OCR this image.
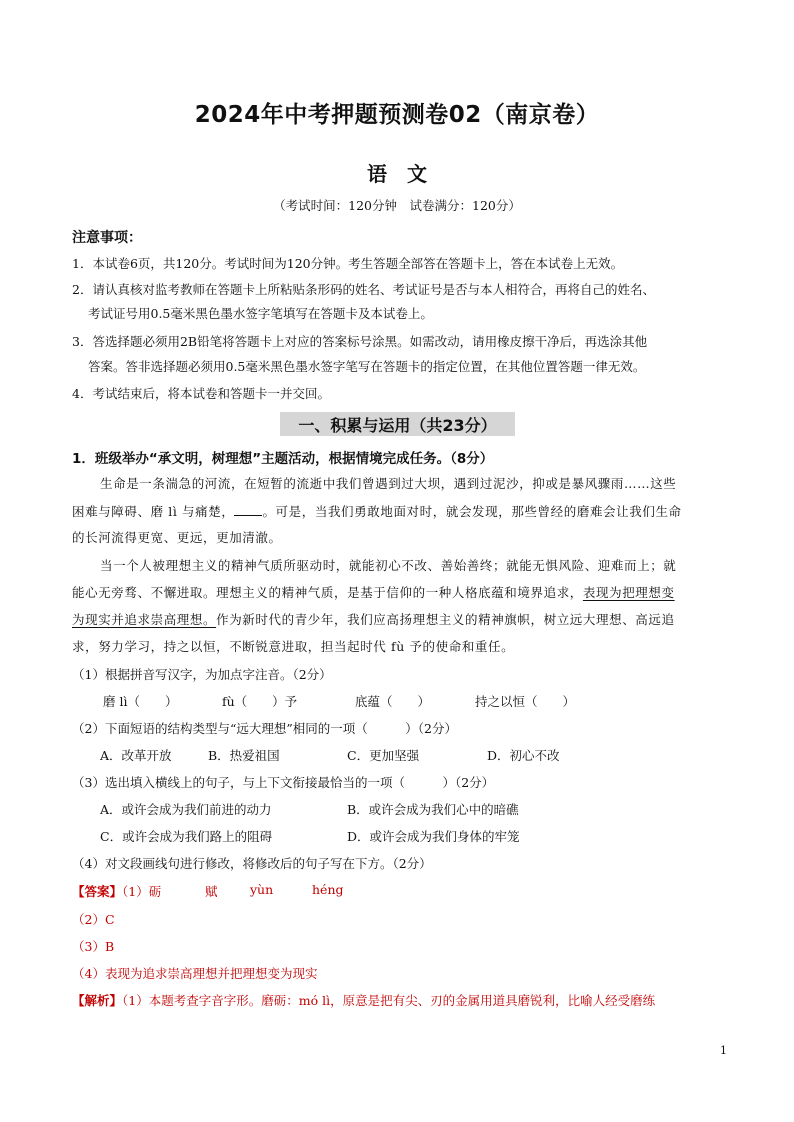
2024年中考押题预测卷02（南京卷）
语　文
（考试时间：120分钟　试卷满分：120分）
注意事项：
1．本试卷6页，共120分。考试时间为120分钟。考生答题全部答在答题卡上，答在本试卷上无效。
2．请认真核对监考教师在答题卡上所粘贴条形码的姓名、考试证号是否与本人相符合，再将自己的姓名、
考试证号用0.5毫米黑色墨水签字笔填写在答题卡及本试卷上。
3．答选择题必须用2B铅笔将答题卡上对应的答案标号涂黑。如需改动，请用橡皮擦干净后，再选涂其他
答案。答非选择题必须用0.5毫米黑色墨水签字笔写在答题卡的指定位置，在其他位置答题一律无效。
4．考试结束后，将本试卷和答题卡一并交回。
一、积累与运用（共23分）
1．班级举办“承文明，树理想”主题活动，根据情境完成任务。（8分）
生命是一条湍急的河流，在短暂的流逝中我们曾遇到过大坝，遇到过泥沙，抑或是暴风骤雨……这些
困难与障碍、磨 lì 与痛楚， 。可是，当我们勇敢地面对时，就会发现，那些曾经的磨难会让我们生命
的长河流得更宽、更远，更加清澈。
当一个人被理想主义的精神气质所驱动时，就能初心不改、善始善终；就能无惧风险、迎难而上；就
能心无旁骛、不懈进取。理想主义的精神气质，是基于信仰的一种人格底蕴和境界追求，表现为把理想变
为现实并追求崇高理想。作为新时代的青少年，我们应高扬理想主义的精神旗帜，树立远大理想、高远追
求，努力学习，持之以恒，不断锐意进取，担当起时代 fù 予的使命和重任。
（1）根据拼音写汉字，为加点字注音。（2分）
磨 lì（　　）	fù（　　）予	底蕴（　　）	持之以恒（　　）
（2）下面短语的结构类型与“远大理想”相同的一项（　　　）（2分）
A．改革开放	B．热爱祖国	C．更加坚强	D．初心不改
（3）选出填入横线上的句子，与上下文衔接最恰当的一项（　　　）（2分）
A．或许会成为我们前进的动力	B．或许会成为我们心中的暗礁
C．或许会成为我们路上的阻碍	D．或许会成为我们身体的牢笼
（4）对文段画线句进行修改，将修改后的句子写在下方。（2分）
【答案】（1）砺	赋	yùn	héng
（2）C
（3）B
（4）表现为追求崇高理想并把理想变为现实
【解析】（1）本题考查字音字形。磨砺：mó lì，原意是把有尖、刃的金属用道具磨锐利，比喻人经受磨练
1
